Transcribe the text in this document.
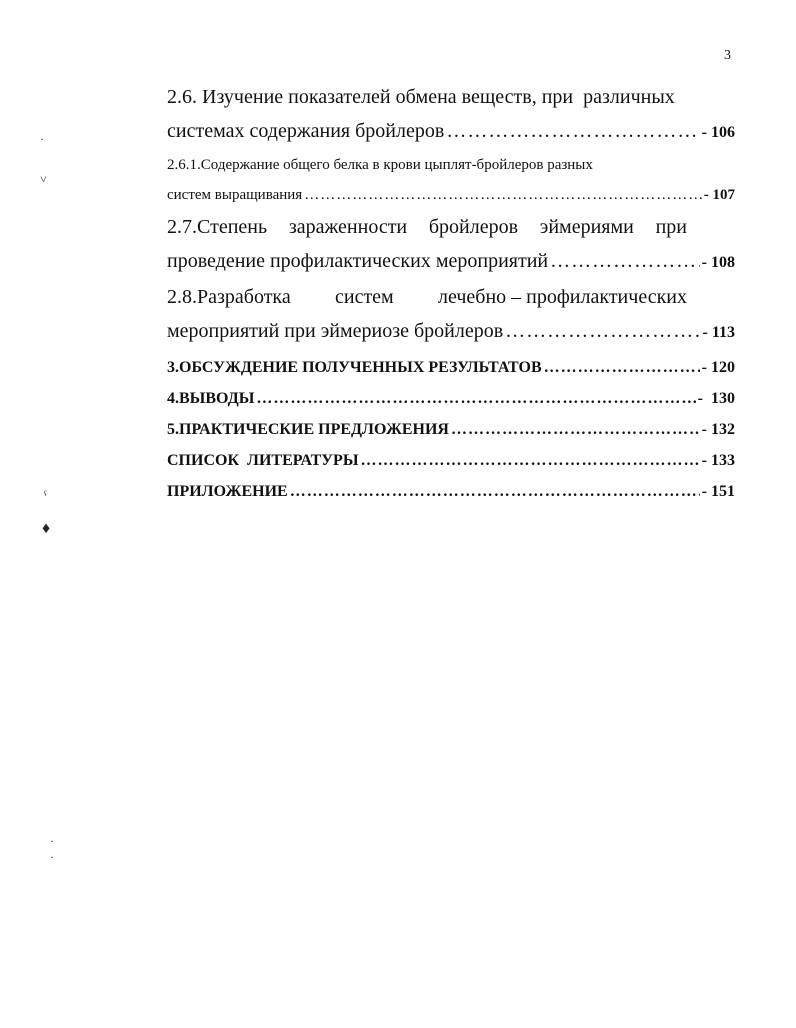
3
·
˅
ˁ
♦
·
·
2.6. Изучение показателей обмена веществ, при различных
системах содержания бройлеров ……………………………………………………………………………………………………………………………………	- 106
2.6.1.Содержание общего белка в крови цыплят-бройлеров разных
систем выращивания ……………………………………………………………………………………………………………………………………	- 107
2.7.Степень зараженности бройлеров эймериями при
проведение профилактических мероприятий ……………………………………………………………………………………………………………………………………	- 108
2.8.Разработка систем лечебно – профилактических
мероприятий при эймериозе бройлеров ……………………………………………………………………………………………………………………………………	- 113
3.ОБСУЖДЕНИЕ ПОЛУЧЕННЫХ РЕЗУЛЬТАТОВ ……………………………………………………………………………………………………………………………………	- 120
4.ВЫВОДЫ ……………………………………………………………………………………………………………………………………	-  130
5.ПРАКТИЧЕСКИЕ ПРЕДЛОЖЕНИЯ ……………………………………………………………………………………………………………………………………	- 132
СПИСОК  ЛИТЕРАТУРЫ ……………………………………………………………………………………………………………………………………	- 133
ПРИЛОЖЕНИЕ ……………………………………………………………………………………………………………………………………	- 151
